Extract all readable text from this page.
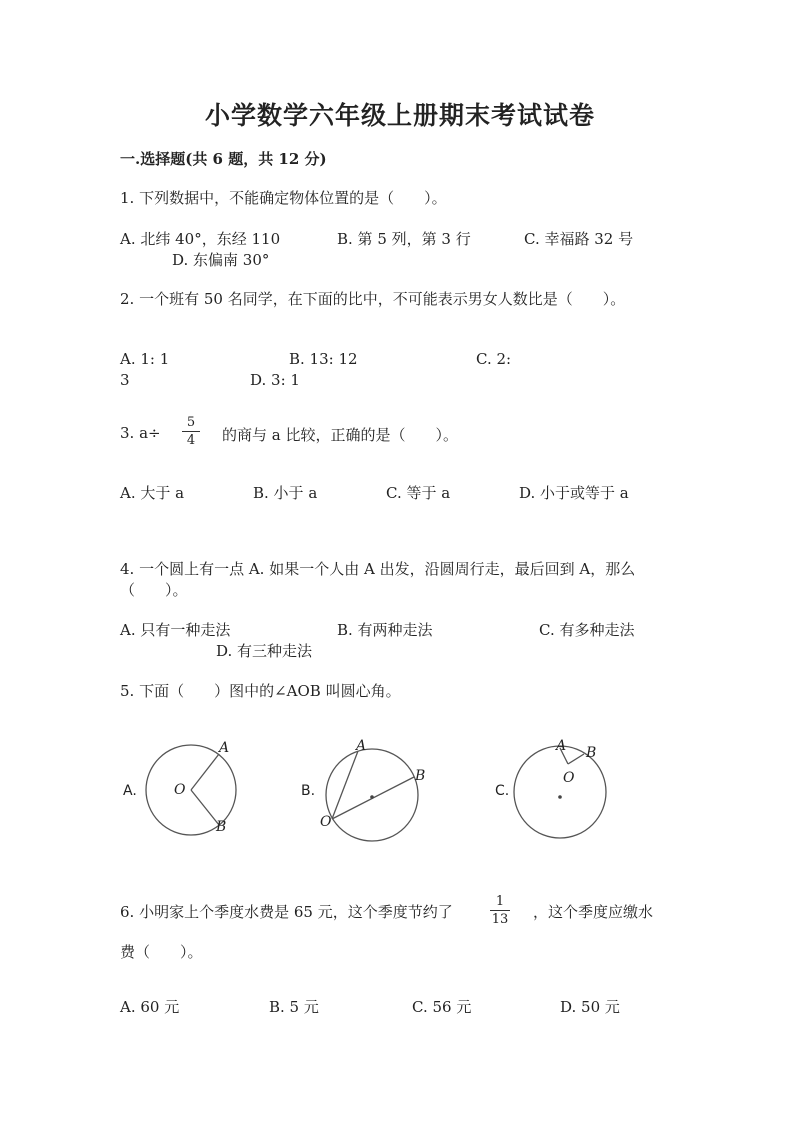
小学数学六年级上册期末考试试卷
一.选择题(共 6 题，共 12 分)
1. 下列数据中，不能确定物体位置的是（　　）。
A. 北纬 40°，东经 110	B. 第 5 列，第 3 行	C. 幸福路 32 号
D. 东偏南 30°
2. 一个班有 50 名同学，在下面的比中，不可能表示男女人数比是（　　）。
A. 1: 1	B. 13: 12	C. 2:
3	D. 3: 1
3. a÷
5
4	的商与 a 比较，正确的是（　　）。
A. 大于 a	B. 小于 a	C. 等于 a	D. 小于或等于 a
4. 一个圆上有一点 A. 如果一个人由 A 出发，沿圆周行走，最后回到 A，那么
（　　）。
A. 只有一种走法	B. 有两种走法	C. 有多种走法
D. 有三种走法
5. 下面（　　）图中的∠AOB 叫圆心角。
A.	O
A
B
B.
O
A
B
C.
A B
O
6. 小明家上个季度水费是 65 元，这个季度节约了
1
13 ，这个季度应缴水
费（　　）。
A. 60 元	B. 5 元	C. 56 元	D. 50 元
